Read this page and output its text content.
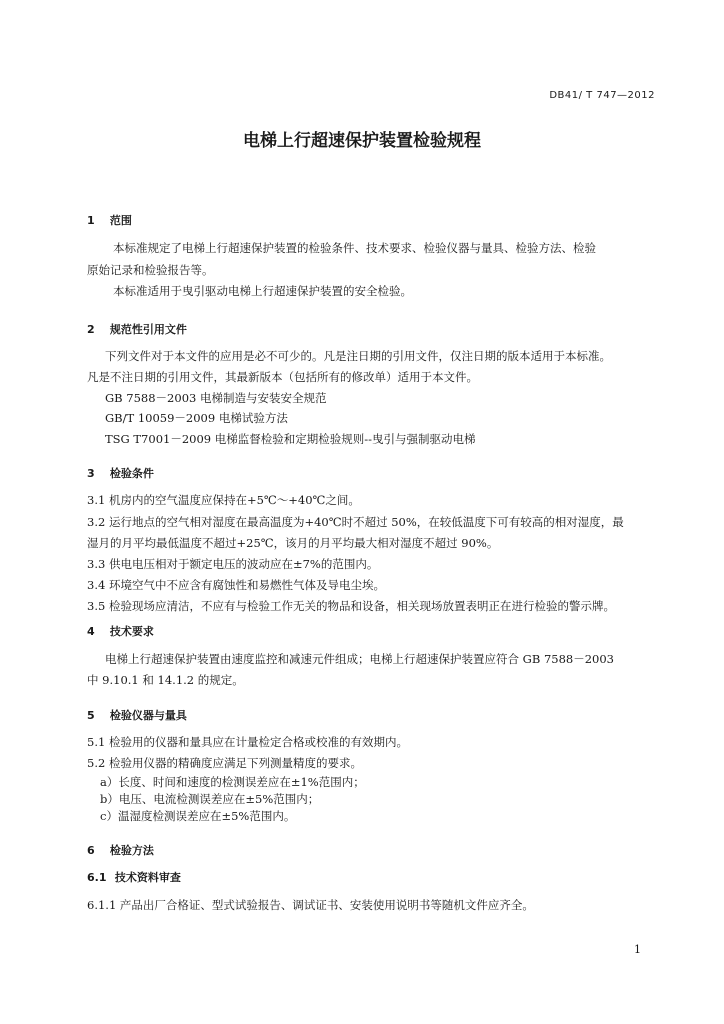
DB41/ T 747—2012
电梯上行超速保护装置检验规程
1 范围
本标准规定了电梯上行超速保护装置的检验条件、技术要求、检验仪器与量具、检验方法、检验
原始记录和检验报告等。
本标准适用于曳引驱动电梯上行超速保护装置的安全检验。
2 规范性引用文件
下列文件对于本文件的应用是必不可少的。凡是注日期的引用文件，仅注日期的版本适用于本标准。
凡是不注日期的引用文件，其最新版本（包括所有的修改单）适用于本文件。
GB 7588－2003 电梯制造与安装安全规范
GB/T 10059－2009 电梯试验方法
TSG T7001－2009 电梯监督检验和定期检验规则--曳引与强制驱动电梯
3 检验条件
3.1 机房内的空气温度应保持在+5℃～+40℃之间。
3.2 运行地点的空气相对湿度在最高温度为+40℃时不超过 50%，在较低温度下可有较高的相对湿度，最
湿月的月平均最低温度不超过+25℃，该月的月平均最大相对湿度不超过 90%。
3.3 供电电压相对于额定电压的波动应在±7%的范围内。
3.4 环境空气中不应含有腐蚀性和易燃性气体及导电尘埃。
3.5 检验现场应清洁，不应有与检验工作无关的物品和设备，相关现场放置表明正在进行检验的警示牌。
4 技术要求
电梯上行超速保护装置由速度监控和减速元件组成；电梯上行超速保护装置应符合 GB 7588－2003
中 9.10.1 和 14.1.2 的规定。
5 检验仪器与量具
5.1 检验用的仪器和量具应在计量检定合格或校准的有效期内。
5.2 检验用仪器的精确度应满足下列测量精度的要求。
a）长度、时间和速度的检测误差应在±1%范围内；
b）电压、电流检测误差应在±5%范围内；
c）温湿度检测误差应在±5%范围内。
6 检验方法
6.1 技术资料审查
6.1.1 产品出厂合格证、型式试验报告、调试证书、安装使用说明书等随机文件应齐全。
1
